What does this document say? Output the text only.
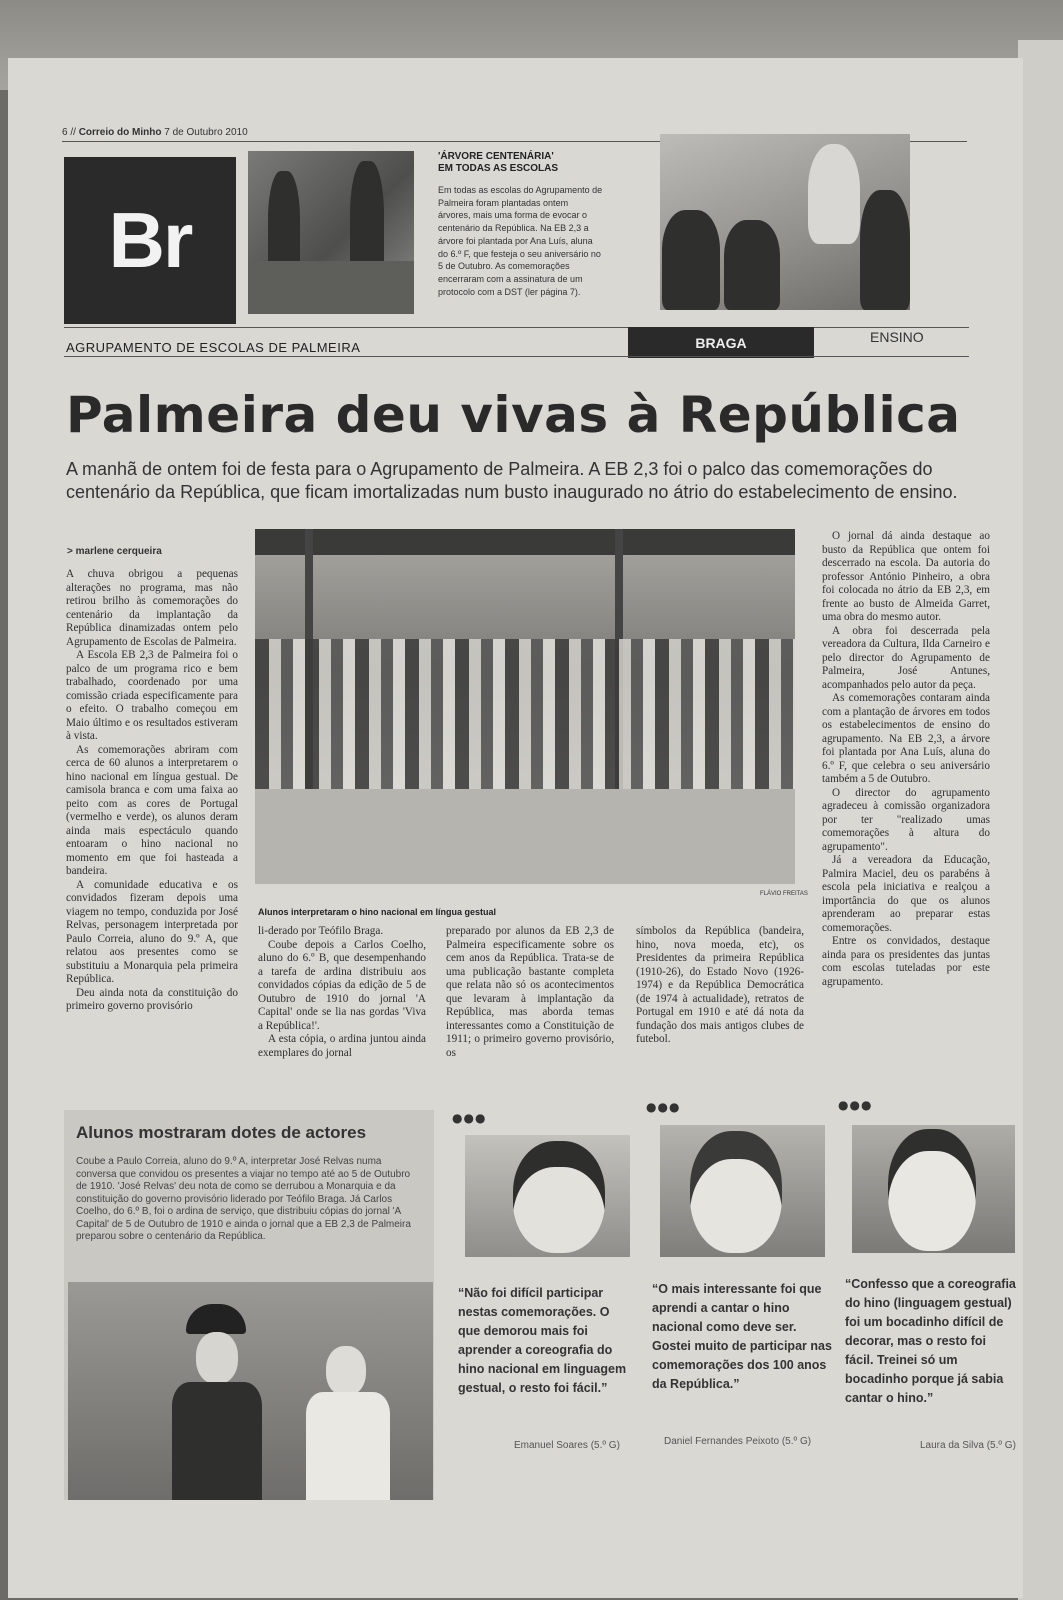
6 // Correio do Minho 7 de Outubro 2010
Br
'ÁRVORE CENTENÁRIA'
EM TODAS AS ESCOLAS
Em todas as escolas do Agrupamento de Palmeira foram plantadas ontem árvores, mais uma forma de evocar o centenário da República. Na EB 2,3 a árvore foi plantada por Ana Luís, aluna do 6.º F, que festeja o seu aniversário no 5 de Outubro. As comemorações encerraram com a assinatura de um protocolo com a DST (ler página 7).
AGRUPAMENTO DE ESCOLAS DE PALMEIRA	BRAGA	ENSINO
Palmeira deu vivas à República
A manhã de ontem foi de festa para o Agrupamento de Palmeira. A EB 2,3 foi o palco das comemorações do centenário da República, que ficam imortalizadas num busto inaugurado no átrio do estabelecimento de ensino.
> marlene cerqueira

A chuva obrigou a pequenas alterações no programa, mas não retirou brilho às comemorações do centenário da implantação da República dinamizadas ontem pelo Agrupamento de Escolas de Palmeira.

A Escola EB 2,3 de Palmeira foi o palco de um programa rico e bem trabalhado, coordenado por uma comissão criada especificamente para o efeito. O trabalho começou em Maio último e os resultados estiveram à vista.

As comemorações abriram com cerca de 60 alunos a interpretarem o hino nacional em língua gestual. De camisola branca e com uma faixa ao peito com as cores de Portugal (vermelho e verde), os alunos deram ainda mais espectáculo quando entoaram o hino nacional no momento em que foi hasteada a bandeira.

A comunidade educativa e os convidados fizeram depois uma viagem no tempo, conduzida por José Relvas, personagem interpretada por Paulo Correia, aluno do 9.º A, que relatou aos presentes como se substituiu a Monarquia pela primeira República.

Deu ainda nota da constituição do primeiro governo provisório

FLÁVIO FREITAS
Alunos interpretaram o hino nacional em língua gestual

li-derado por Teófilo Braga.

Coube depois a Carlos Coelho, aluno do 6.º B, que desempenhando a tarefa de ardina distribuiu aos convidados cópias da edição de 5 de Outubro de 1910 do jornal 'A Capital' onde se lia nas gordas 'Viva a República!'.

A esta cópia, o ardina juntou ainda exemplares do jornal

preparado por alunos da EB 2,3 de Palmeira especificamente sobre os cem anos da República. Trata-se de uma publicação bastante completa que relata não só os acontecimentos que levaram à implantação da República, mas aborda temas interessantes como a Constituição de 1911; o primeiro governo provisório, os

símbolos da República (bandeira, hino, nova moeda, etc), os Presidentes da primeira República (1910-26), do Estado Novo (1926-1974) e da República Democrática (de 1974 à actualidade), retratos de Portugal em 1910 e até dá nota da fundação dos mais antigos clubes de futebol.

O jornal dá ainda destaque ao busto da República que ontem foi descerrado na escola. Da autoria do professor António Pinheiro, a obra foi colocada no átrio da EB 2,3, em frente ao busto de Almeida Garret, uma obra do mesmo autor.

A obra foi descerrada pela vereadora da Cultura, Ilda Carneiro e pelo director do Agrupamento de Palmeira, José Antunes, acompanhados pelo autor da peça.

As comemorações contaram ainda com a plantação de árvores em todos os estabelecimentos de ensino do agrupamento. Na EB 2,3, a árvore foi plantada por Ana Luís, aluna do 6.º F, que celebra o seu aniversário também a 5 de Outubro.

O director do agrupamento agradeceu à comissão organizadora por ter "realizado umas comemorações à altura do agrupamento".

Já a vereadora da Educação, Palmira Maciel, deu os parabéns à escola pela iniciativa e realçou a importância do que os alunos aprenderam ao preparar estas comemorações.

Entre os convidados, destaque ainda para os presidentes das juntas com escolas tuteladas por este agrupamento.

Alunos mostraram dotes de actores
Coube a Paulo Correia, aluno do 9.º A, interpretar José Relvas numa conversa que convidou os presentes a viajar no tempo até ao 5 de Outubro de 1910. 'José Relvas' deu nota de como se derrubou a Monarquia e da constituição do governo provisório liderado por Teófilo Braga. Já Carlos Coelho, do 6.º B, foi o ardina de serviço, que distribuiu cópias do jornal 'A Capital' de 5 de Outubro de 1910 e ainda o jornal que a EB 2,3 de Palmeira preparou sobre o centenário da República.
●●●
“Não foi difícil participar nestas comemorações. O que demorou mais foi aprender a coreografia do hino nacional em linguagem gestual, o resto foi fácil.”
Emanuel Soares (5.º G)
●●●
“O mais interessante foi que aprendi a cantar o hino nacional como deve ser. Gostei muito de participar nas comemorações dos 100 anos da República.”
Daniel Fernandes Peixoto (5.º G)
●●●
“Confesso que a coreografia do hino (linguagem gestual) foi um bocadinho difícil de decorar, mas o resto foi fácil. Treinei só um bocadinho porque já sabia cantar o hino.”
Laura da Silva (5.º G)
